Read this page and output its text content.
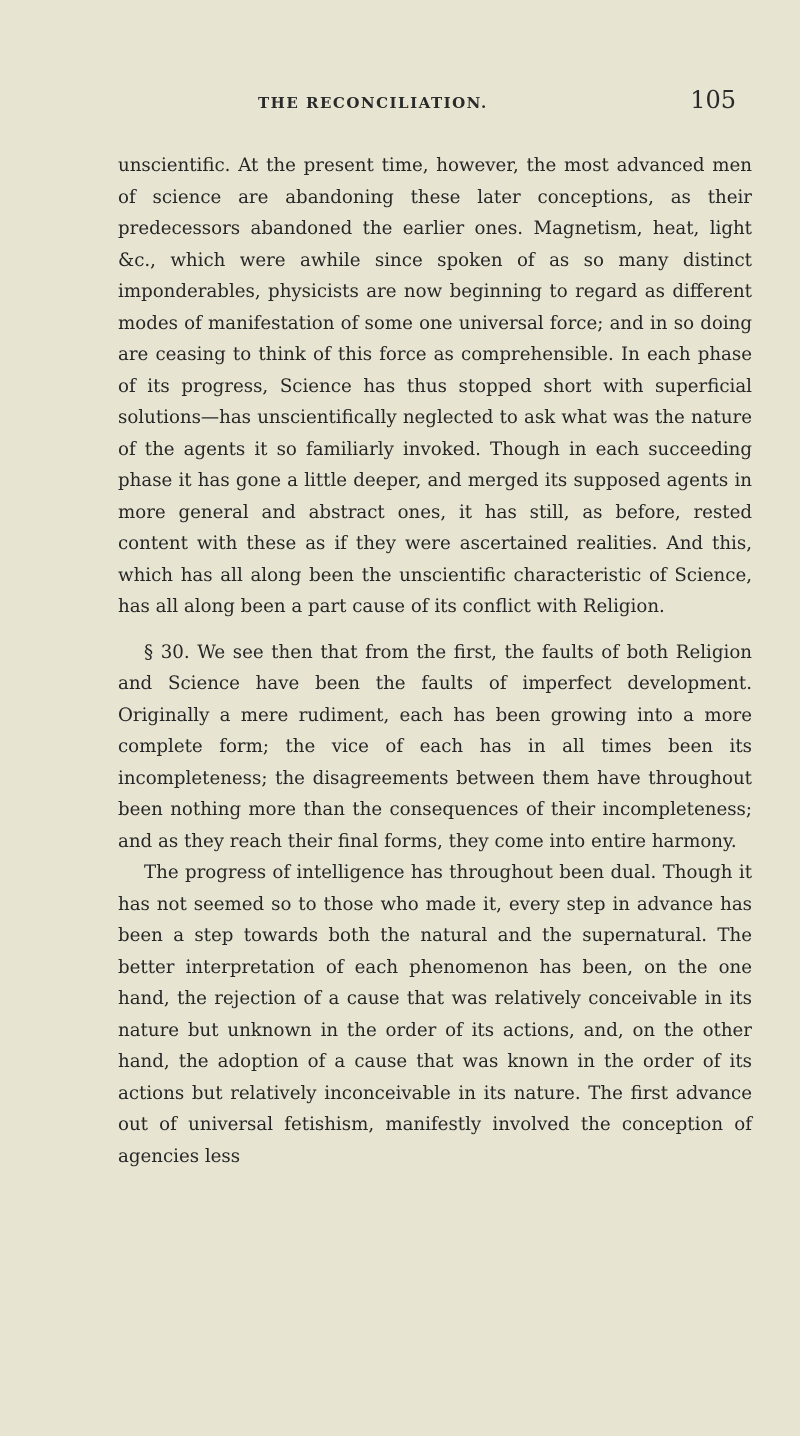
THE RECONCILIATION.	105

unscientific. At the present time, however, the most advanced men of science are abandoning these later conceptions, as their predecessors abandoned the earlier ones. Magnetism, heat, light &c., which were awhile since spoken of as so many distinct imponderables, physicists are now beginning to regard as different modes of manifestation of some one universal force; and in so doing are ceasing to think of this force as comprehensible. In each phase of its progress, Science has thus stopped short with superficial solutions—has unscientifically neglected to ask what was the nature of the agents it so familiarly invoked. Though in each succeeding phase it has gone a little deeper, and merged its supposed agents in more general and abstract ones, it has still, as before, rested content with these as if they were ascertained realities. And this, which has all along been the unscientific characteristic of Science, has all along been a part cause of its conflict with Religion.

§ 30. We see then that from the first, the faults of both Religion and Science have been the faults of imperfect development. Originally a mere rudiment, each has been growing into a more complete form; the vice of each has in all times been its incompleteness; the disagreements between them have throughout been nothing more than the consequences of their incompleteness; and as they reach their final forms, they come into entire harmony.

The progress of intelligence has throughout been dual. Though it has not seemed so to those who made it, every step in advance has been a step towards both the natural and the supernatural. The better interpretation of each phenomenon has been, on the one hand, the rejection of a cause that was relatively conceivable in its nature but unknown in the order of its actions, and, on the other hand, the adoption of a cause that was known in the order of its actions but relatively inconceivable in its nature. The first advance out of universal fetishism, manifestly involved the conception of agencies less
